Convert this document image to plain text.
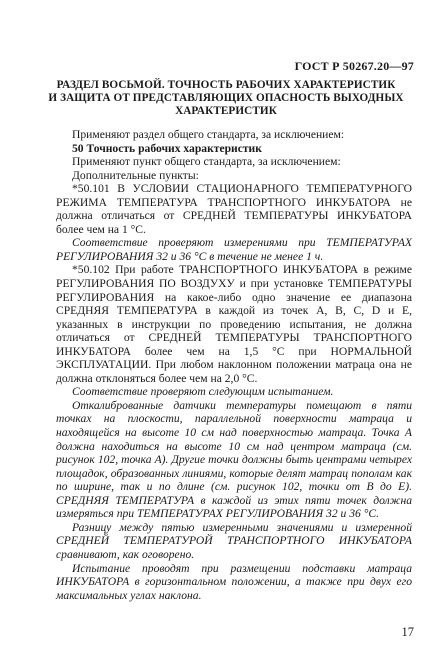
ГОСТ Р 50267.20—97
РАЗДЕЛ ВОСЬМОЙ. ТОЧНОСТЬ РАБОЧИХ ХАРАКТЕРИСТИК
И ЗАЩИТА ОТ ПРЕДСТАВЛЯЮЩИХ ОПАСНОСТЬ ВЫХОДНЫХ
ХАРАКТЕРИСТИК

Применяют раздел общего стандарта, за исключением:

50 Точность рабочих характеристик

Применяют пункт общего стандарта, за исключением:

Дополнительные пункты:

*50.101 В УСЛОВИИ СТАЦИОНАРНОГО ТЕМПЕРАТУРНОГО РЕЖИМА ТЕМПЕРАТУРА ТРАНСПОРТНОГО ИНКУБАТОРА не должна отличаться от СРЕДНЕЙ ТЕМПЕРАТУРЫ ИНКУБАТОРА более чем на 1 °С.

Соответствие проверяют измерениями при ТЕМПЕРАТУРАХ РЕГУЛИРОВАНИЯ 32 и 36 °С в течение не менее 1 ч.

*50.102 При работе ТРАНСПОРТНОГО ИНКУБАТОРА в режиме РЕГУЛИРОВАНИЯ ПО ВОЗДУХУ и при установке ТЕМПЕРАТУРЫ РЕГУЛИРОВАНИЯ на какое-либо одно значение ее диапазона СРЕДНЯЯ ТЕМПЕРАТУРА в каждой из точек A, B, C, D и E, указанных в инструкции по проведению испытания, не должна отличаться от СРЕДНЕЙ ТЕМПЕРАТУРЫ ТРАНСПОРТНОГО ИНКУБАТОРА более чем на 1,5 °С при НОРМАЛЬНОЙ ЭКСПЛУАТАЦИИ. При любом наклонном положении матраца она не должна отклоняться более чем на 2,0 °С.

Соответствие проверяют следующим испытанием.

Откалиброванные датчики температуры помещают в пяти точках на плоскости, параллельной поверхности матраца и находящейся на высоте 10 см над поверхностью матраца. Точка А должна находиться на высоте 10 см над центром матраца (см. рисунок 102, точка А). Другие точки должны быть центрами четырех площадок, образованных линиями, которые делят матрац пополам как по ширине, так и по длине (см. рисунок 102, точки от В до Е). СРЕДНЯЯ ТЕМПЕРАТУРА в каждой из этих пяти точек должна измеряться при ТЕМПЕРАТУРАХ РЕГУЛИРОВАНИЯ 32 и 36 °С.

Разницу между пятью измеренными значениями и измеренной СРЕДНЕЙ ТЕМПЕРАТУРОЙ ТРАНСПОРТНОГО ИНКУБАТОРА сравнивают, как оговорено.

Испытание проводят при размещении подставки матраца ИНКУБАТОРА в горизонтальном положении, а также при двух его максимальных углах наклона.

17
